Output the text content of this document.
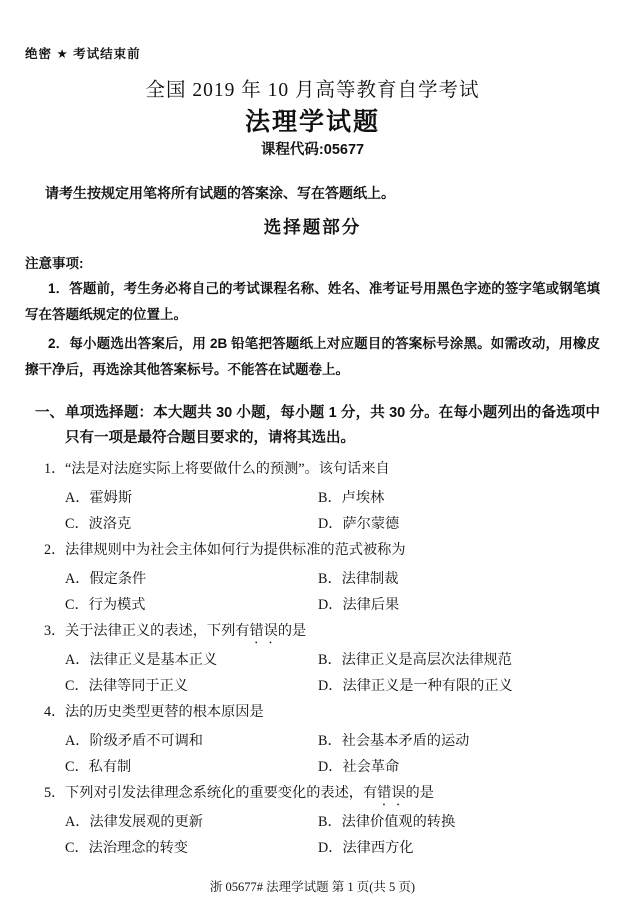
绝密 ★ 考试结束前
全国 2019 年 10 月高等教育自学考试
法理学试题
课程代码:05677
请考生按规定用笔将所有试题的答案涂、写在答题纸上。
选择题部分
注意事项:

1．答题前，考生务必将自己的考试课程名称、姓名、准考证号用黑色字迹的签字笔或钢笔填写在答题纸规定的位置上。

2．每小题选出答案后，用 2B 铅笔把答题纸上对应题目的答案标号涂黑。如需改动，用橡皮擦干净后，再选涂其他答案标号。不能答在试题卷上。

一、单项选择题：本大题共 30 小题，每小题 1 分，共 30 分。在每小题列出的备选项中只有一项是最符合题目要求的，请将其选出。
1．“法是对法庭实际上将要做什么的预测”。该句话来自
A．霍姆斯	B．卢埃林
C．波洛克	D．萨尔蒙德
2．法律规则中为社会主体如何行为提供标准的范式被称为
A．假定条件	B．法律制裁
C．行为模式	D．法律后果
3．关于法律正义的表述，下列有错误的是
A．法律正义是基本正义	B．法律正义是高层次法律规范
C．法律等同于正义	D．法律正义是一种有限的正义
4．法的历史类型更替的根本原因是
A．阶级矛盾不可调和	B．社会基本矛盾的运动
C．私有制	D．社会革命
5．下列对引发法律理念系统化的重要变化的表述，有错误的是
A．法律发展观的更新	B．法律价值观的转换
C．法治理念的转变	D．法律西方化
浙 05677# 法理学试题 第 1 页(共 5 页)
